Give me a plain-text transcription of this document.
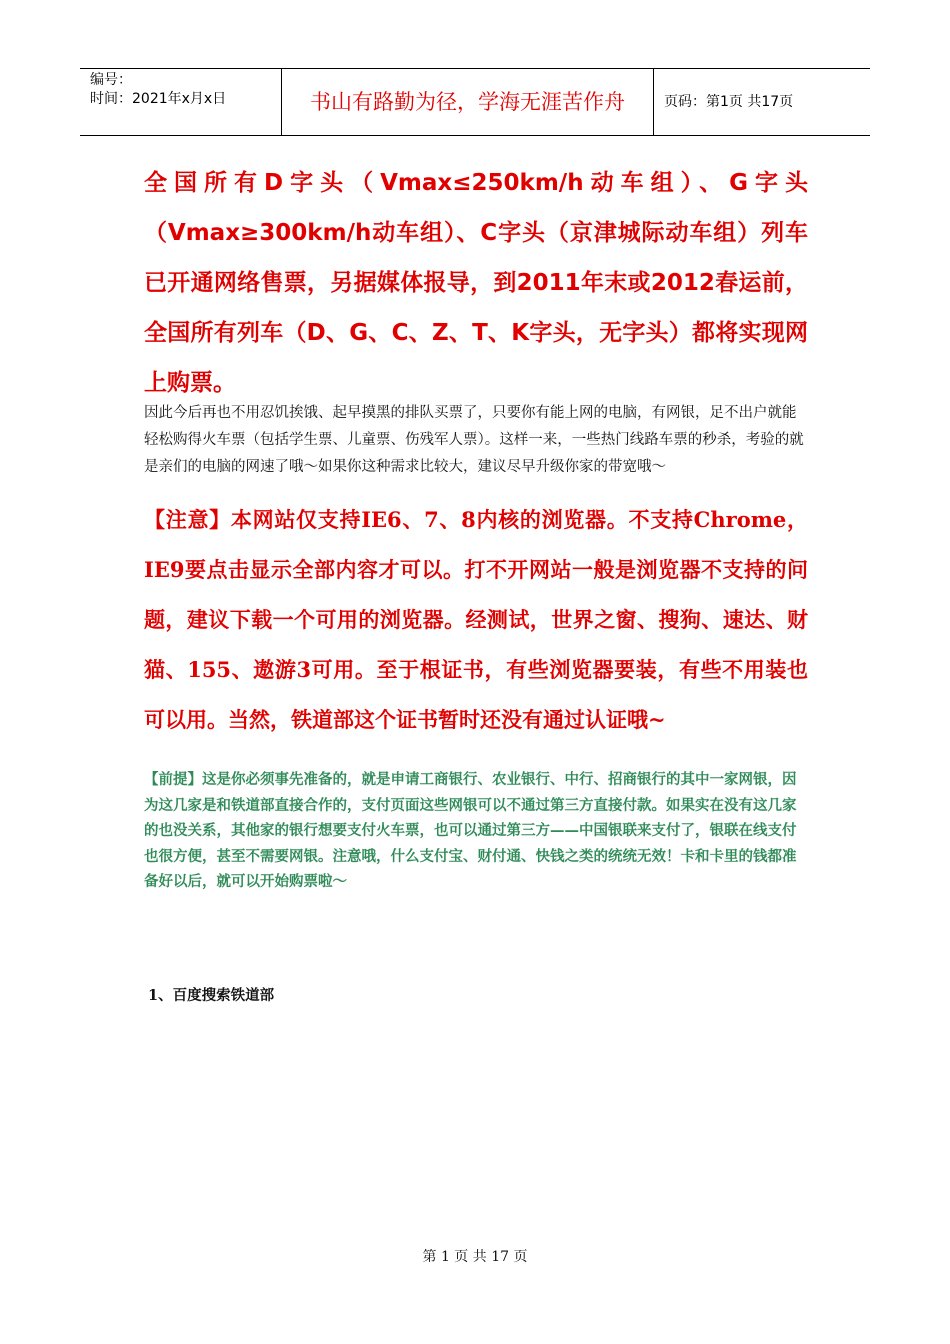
编号：
时间：2021年x月x日	书山有路勤为径，学海无涯苦作舟	页码：第1页 共17页
全国所有D字头（Vmax≤250km/h动车组）、G字头（Vmax≥300km/h动车组）、C字头（京津城际动车组）列车已开通网络售票，另据媒体报导，到2011年末或2012春运前，全国所有列车（D、G、C、Z、T、K字头，无字头）都将实现网上购票。
因此今后再也不用忍饥挨饿、起早摸黑的排队买票了，只要你有能上网的电脑，有网银，足不出户就能轻松购得火车票（包括学生票、儿童票、伤残军人票）。这样一来，一些热门线路车票的秒杀，考验的就是亲们的电脑的网速了哦～如果你这种需求比较大，建议尽早升级你家的带宽哦～
【注意】本网站仅支持IE6、7、8内核的浏览器。不支持Chrome，IE9要点击显示全部内容才可以。打不开网站一般是浏览器不支持的问题，建议下载一个可用的浏览器。经测试，世界之窗、搜狗、速达、财猫、155、遨游3可用。至于根证书，有些浏览器要装，有些不用装也可以用。当然，铁道部这个证书暂时还没有通过认证哦~
【前提】这是你必须事先准备的，就是申请工商银行、农业银行、中行、招商银行的其中一家网银，因为这几家是和铁道部直接合作的，支付页面这些网银可以不通过第三方直接付款。如果实在没有这几家的也没关系，其他家的银行想要支付火车票，也可以通过第三方——中国银联来支付了，银联在线支付也很方便，甚至不需要网银。注意哦，什么支付宝、财付通、快钱之类的统统无效！卡和卡里的钱都准备好以后，就可以开始购票啦～
1、百度搜索铁道部
第 1 页 共 17 页
